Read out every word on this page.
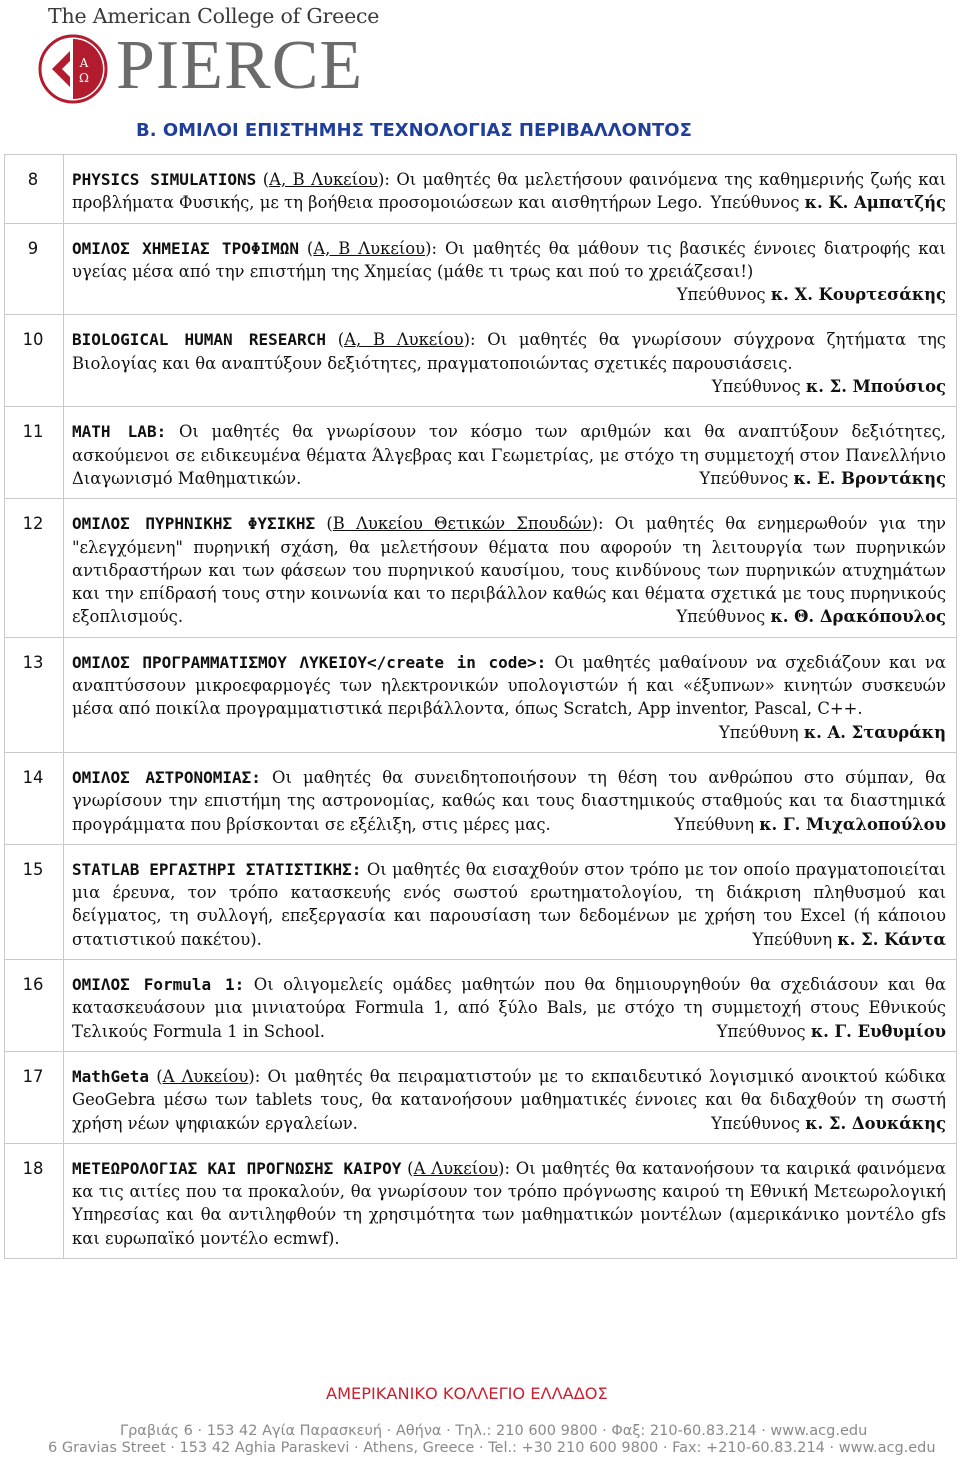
The American College of Greece
Α
Ω PIERCE
Β. ΟΜΙΛΟΙ ΕΠΙΣΤΗΜΗΣ ΤΕΧΝΟΛΟΓΙΑΣ ΠΕΡΙΒΑΛΛΟΝΤΟΣ
8	PHYSICS SIMULATIONS (Α, Β Λυκείου): Οι μαθητές θα μελετήσουν φαινόμενα της καθημερινής ζωής και προβλήματα Φυσικής, με τη βοήθεια προσομοιώσεων και αισθητήρων Lego. Υπεύθυνος κ. Κ. Αμπατζής

9	ΟΜΙΛΟΣ ΧΗΜΕΙΑΣ ΤΡΟΦΙΜΩΝ (Α, Β Λυκείου): Οι μαθητές θα μάθουν τις βασικές έννοιες διατροφής και υγείας μέσα από την επιστήμη της Χημείας (μάθε τι τρως και πού το χρειάζεσαι!)
Υπεύθυνος κ. Χ. Κουρτεσάκης

10	BIOLOGICAL HUMAN RESEARCH (Α, Β Λυκείου): Οι μαθητές θα γνωρίσουν σύγχρονα ζητήματα της Βιολογίας και θα αναπτύξουν δεξιότητες, πραγματοποιώντας σχετικές παρουσιάσεις.
Υπεύθυνος κ. Σ. Μπούσιος

11	MATH LAB: Οι μαθητές θα γνωρίσουν τον κόσμο των αριθμών και θα αναπτύξουν δεξιότητες, ασκούμενοι σε ειδικευμένα θέματα Άλγεβρας και Γεωμετρίας, με στόχο τη συμμετοχή στον Πανελλήνιο Διαγωνισμό Μαθηματικών. Υπεύθυνος κ. Ε. Βροντάκης

12	ΟΜΙΛΟΣ ΠΥΡΗΝΙΚΗΣ ΦΥΣΙΚΗΣ (Β Λυκείου Θετικών Σπουδών): Οι μαθητές θα ενημερωθούν για την "ελεγχόμενη" πυρηνική σχάση, θα μελετήσουν θέματα που αφορούν τη λειτουργία των πυρηνικών αντιδραστήρων και των φάσεων του πυρηνικού καυσίμου, τους κινδύνους των πυρηνικών ατυχημάτων και την επίδρασή τους στην κοινωνία και το περιβάλλον καθώς και θέματα σχετικά με τους πυρηνικούς εξοπλισμούς. Υπεύθυνος κ. Θ. Δρακόπουλος

13	ΟΜΙΛΟΣ ΠΡΟΓΡΑΜΜΑΤΙΣΜΟΥ ΛΥΚΕΙΟΥ</create in code>: Οι μαθητές μαθαίνουν να σχεδιάζουν και να αναπτύσσουν μικροεφαρμογές των ηλεκτρονικών υπολογιστών ή και «έξυπνων» κινητών συσκευών μέσα από ποικίλα προγραμματιστικά περιβάλλοντα, όπως Scratch, App inventor, Pascal, C++.
Υπεύθυνη κ. Α. Σταυράκη

14	ΟΜΙΛΟΣ ΑΣΤΡΟΝΟΜΙΑΣ: Οι μαθητές θα συνειδητοποιήσουν τη θέση του ανθρώπου στο σύμπαν, θα γνωρίσουν την επιστήμη της αστρονομίας, καθώς και τους διαστημικούς σταθμούς και τα διαστημικά προγράμματα που βρίσκονται σε εξέλιξη, στις μέρες μας. Υπεύθυνη κ. Γ. Μιχαλοπούλου

15	STATLAB ΕΡΓΑΣΤΗΡΙ ΣΤΑΤΙΣΤΙΚΗΣ: Οι μαθητές θα εισαχθούν στον τρόπο με τον οποίο πραγματοποιείται μια έρευνα, τον τρόπο κατασκευής ενός σωστού ερωτηματολογίου, τη διάκριση πληθυσμού και δείγματος, τη συλλογή, επεξεργασία και παρουσίαση των δεδομένων με χρήση του Excel (ή κάποιου στατιστικού πακέτου). Υπεύθυνη κ. Σ. Κάντα

16	ΟΜΙΛΟΣ Formula 1: Οι ολιγομελείς ομάδες μαθητών που θα δημιουργηθούν θα σχεδιάσουν και θα κατασκευάσουν μια μινιατούρα Formula 1, από ξύλο Bals, με στόχο τη συμμετοχή στους Εθνικούς Τελικούς Formula 1 in School. Υπεύθυνος κ. Γ. Ευθυμίου

17	MathGeta (Α Λυκείου): Οι μαθητές θα πειραματιστούν με το εκπαιδευτικό λογισμικό ανοικτού κώδικα GeoGebra μέσω των tablets τους, θα κατανοήσουν μαθηματικές έννοιες και θα διδαχθούν τη σωστή χρήση νέων ψηφιακών εργαλείων. Υπεύθυνος κ. Σ. Δουκάκης

18	ΜΕΤΕΩΡΟΛΟΓΙΑΣ ΚΑΙ ΠΡΟΓΝΩΣΗΣ ΚΑΙΡΟΥ (Α Λυκείου): Οι μαθητές θα κατανοήσουν τα καιρικά φαινόμενα κα τις αιτίες που τα προκαλούν, θα γνωρίσουν τον τρόπο πρόγνωσης καιρού τη Εθνική Μετεωρολογική Υπηρεσίας και θα αντιληφθούν τη χρησιμότητα των μαθηματικών μοντέλων (αμερικάνικο μοντέλο gfs και ευρωπαϊκό μοντέλο ecmwf).
ΑΜΕΡΙΚΑΝΙΚΟ ΚΟΛΛΕΓΙΟ ΕΛΛΑΔΟΣ
Γραβιάς 6 · 153 42 Αγία Παρασκευή · Αθήνα · Τηλ.: 210 600 9800 · Φαξ: 210-60.83.214 · www.acg.edu
6 Gravias Street · 153 42 Aghia Paraskevi · Athens, Greece · Tel.: +30 210 600 9800 · Fax: +210-60.83.214 · www.acg.edu
